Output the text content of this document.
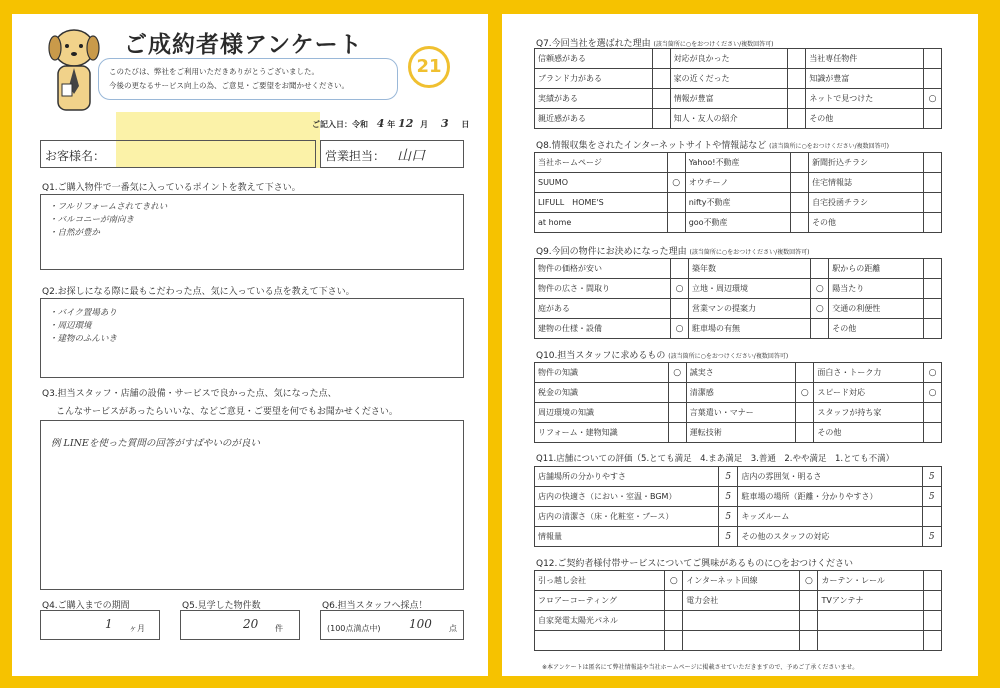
ご成約者様アンケート
このたびは、弊社をご利用いただきありがとうございました。
今後の更なるサービス向上の為、ご意見・ご要望をお聞かせください。
21
ご記入日：令和 4 年 12 月 3 日
お客様名：	営業担当： 山口
Q1.ご購入物件で一番気に入っているポイントを教えて下さい。
・フルリフォームされてきれい
・バルコニーが南向き
・自然が豊か
Q2.お探しになる際に最もこだわった点、気に入っている点を教えて下さい。
・バイク置場あり
・周辺環境
・建物のふんいき
Q3.担当スタッフ・店舗の設備・サービスで良かった点、気になった点、
こんなサービスがあったらいいな、などご意見・ご要望を何でもお聞かせください。
例 LINEを使った質問の回答がすばやいのが良い
Q4.ご購入までの期間
1 ヶ月
Q5.見学した物件数
20 件
Q6.担当スタッフへ採点！
(100点満点中) 100 点
Q7.今回当社を選ばれた理由 (該当箇所に○をおつけください/複数回答可)
信頼感がある		対応が良かった		当社専任物件	
ブランド力がある		家の近くだった		知識が豊富	
実績がある		情報が豊富		ネットで見つけた	○
親近感がある		知人・友人の紹介		その他	
Q8.情報収集をされたインターネットサイトや情報誌など (該当箇所に○をおつけください/複数回答可)
当社ホームページ		Yahoo!不動産		新聞折込チラシ	
SUUMO	○	オウチーノ		住宅情報誌	
LIFULL　HOME'S		nifty不動産		自宅投函チラシ	
at home		goo不動産		その他	
Q9.今回の物件にお決めになった理由 (該当箇所に○をおつけください/複数回答可)
物件の価格が安い		築年数		駅からの距離	
物件の広さ・間取り	○	立地・周辺環境	○	陽当たり	
庭がある		営業マンの提案力	○	交通の利便性	
建物の仕様・設備	○	駐車場の有無		その他	
Q10.担当スタッフに求めるもの (該当箇所に○をおつけください/複数回答可)
物件の知識	○	誠実さ		面白さ・トーク力	○
税金の知識		清潔感	○	スピード対応	○
周辺環境の知識		言葉遣い・マナー		スタッフが持ち家	
リフォーム・建物知識		運転技術		その他	
Q11.店舗についての評価（5.とても満足　4.まあ満足　3.普通　2.やや満足　1.とても不満）
店舗場所の分かりやすさ	5	店内の雰囲気・明るさ	5
店内の快適さ（におい・室温・BGM）	5	駐車場の場所（距離・分かりやすさ）	5
店内の清潔さ（床・化粧室・ブース）	5	キッズルーム	
情報量	5	その他のスタッフの対応	5
Q12.ご契約者様付帯サービスについてご興味があるものに○をおつけください
引っ越し会社	○	インターネット回線	○	カーテン・レール	
フロアーコーティング		電力会社		TVアンテナ	
自家発電太陽光パネル					

※本アンケートは匿名にて弊社情報誌や当社ホームページに掲載させていただきますので、予めご了承くださいませ。
